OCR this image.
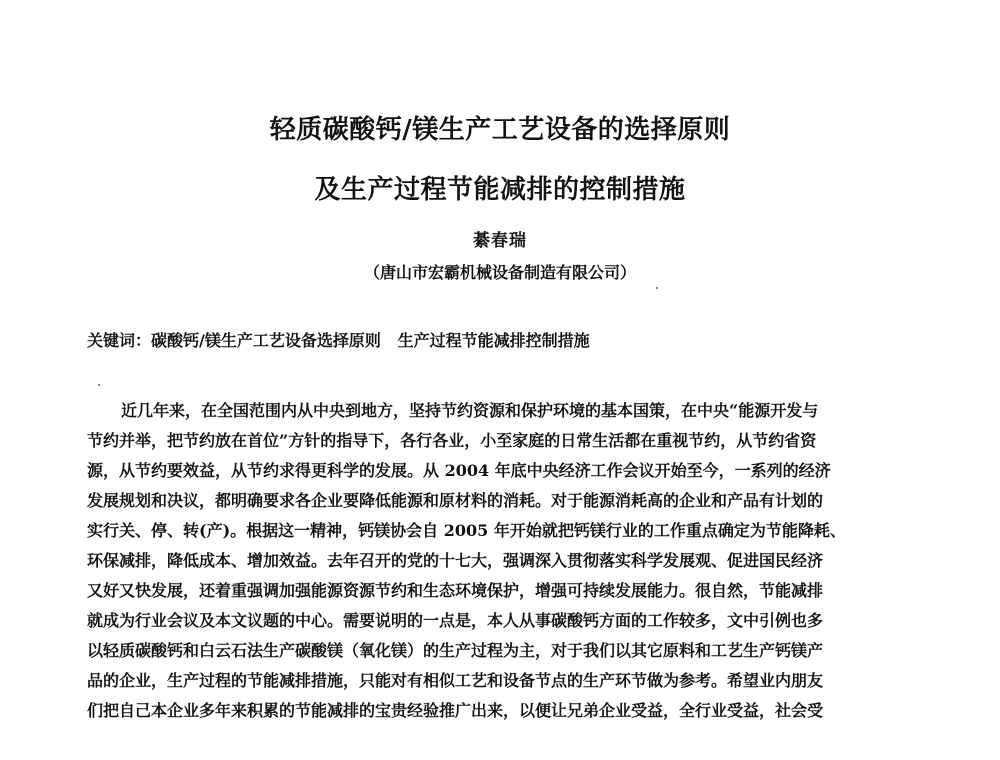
轻质碳酸钙/镁生产工艺设备的选择原则
及生产过程节能减排的控制措施
綦春瑞
（唐山市宏霸机械设备制造有限公司）
关键词：碳酸钙/镁生产工艺设备选择原则   生产过程节能减排控制措施
近几年来，在全国范围内从中央到地方，坚持节约资源和保护环境的基本国策，在中央“能源开发与
节约并举，把节约放在首位”方针的指导下，各行各业，小至家庭的日常生活都在重视节约，从节约省资
源，从节约要效益，从节约求得更科学的发展。从 2004 年底中央经济工作会议开始至今，一系列的经济
发展规划和决议，都明确要求各企业要降低能源和原材料的消耗。对于能源消耗高的企业和产品有计划的
实行关、停、转(产)。根据这一精神，钙镁协会自 2005 年开始就把钙镁行业的工作重点确定为节能降耗、
环保减排，降低成本、增加效益。去年召开的党的十七大，强调深入贯彻落实科学发展观、促进国民经济
又好又快发展，还着重强调加强能源资源节约和生态环境保护，增强可持续发展能力。很自然，节能减排
就成为行业会议及本文议题的中心。需要说明的一点是，本人从事碳酸钙方面的工作较多，文中引例也多
以轻质碳酸钙和白云石法生产碳酸镁（氧化镁）的生产过程为主，对于我们以其它原料和工艺生产钙镁产
品的企业，生产过程的节能减排措施，只能对有相似工艺和设备节点的生产环节做为参考。希望业内朋友
们把自己本企业多年来积累的节能减排的宝贵经验推广出来，以便让兄弟企业受益，全行业受益，社会受
